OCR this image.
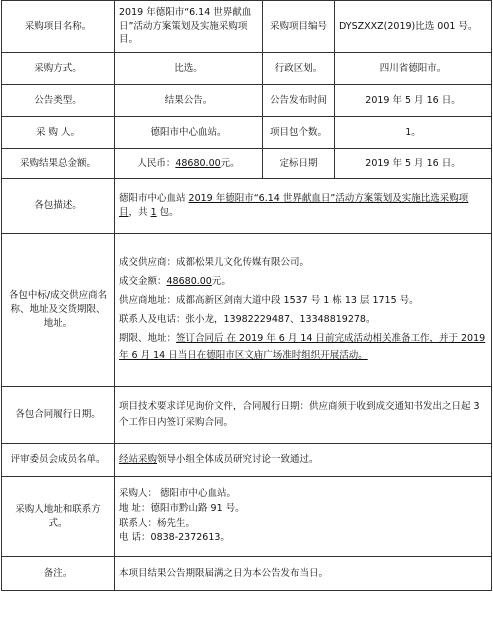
采购项目名称。	2019 年德阳市“6.14 世界献血日”活动方案策划及实施采购项目。	采购项目编号	DYSZXXZ(2019)比选 001 号。
采购方式。	比选。	行政区划。	四川省德阳市。
公告类型。	结果公告。	公告发布时间	2019 年 5 月 16 日。
采 购 人。	德阳市中心血站。	项目包个数。	1。
采购结果总金额。	人民币：48680.00元。	定标日期	2019 年 5 月 16 日。
各包描述。	德阳市中心血站 2019 年德阳市“6.14 世界献血日”活动方案策划及实施比选采购项目，共 1 包。		
各包中标/成交供应商名称、地址及交货期限、地址。	成交供应商：成都松果儿文化传媒有限公司。
成交金额：48680.00元。
供应商地址：成都高新区剑南大道中段 1537 号 1 栋 13 层 1715 号。
联系人及电话：张小龙，13982229487、13348819278。
期限、地址：签订合同后 在 2019 年 6 月 14 日前完成活动相关准备工作，并于 2019 年 6 月 14 日当日在德阳市区文庙广场准时组织开展活动。		

各包合同履行日期。	项目技术要求详见询价文件，合同履行日期：供应商须于收到成交通知书发出之日起 3 个工作日内签订采购合同。		
评审委员会成员名单。	经站采购领导小组全体成员研究讨论一致通过。		
采购人地址和联系方式。	采购人： 德阳市中心血站。
地 址：德阳市黔山路 91 号。
联系人：杨先生。
电 话：0838-2372613。		

备注。	本项目结果公告期限届满之日为本公告发布当日。		
